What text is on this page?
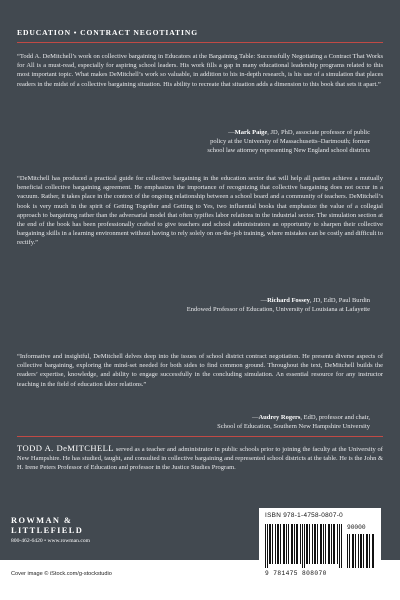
EDUCATION • CONTRACT NEGOTIATING
“Todd A. DeMitchell’s work on collective bargaining in Educators at the Bargaining Table: Successfully Negotiating a Contract That Works for All is a must-read, especially for aspiring school leaders. His work fills a gap in many educational leadership programs related to this most important topic. What makes DeMitchell’s work so valuable, in addition to his in-depth research, is his use of a simulation that places readers in the midst of a collective bargaining situation. His ability to recreate that situation adds a dimension to this book that sets it apart.”
—Mark Paige, JD, PhD, associate professor of public
policy at the University of Massachusetts–Dartmouth; former
school law attorney representing New England school districts
“DeMitchell has produced a practical guide for collective bargaining in the education sector that will help all parties achieve a mutually beneficial collective bargaining agreement. He emphasizes the importance of recognizing that collective bargaining does not occur in a vacuum. Rather, it takes place in the context of the ongoing relationship between a school board and a community of teachers. DeMitchell’s book is very much in the spirit of Getting Together and Getting to Yes, two influential books that emphasize the value of a collegial approach to bargaining rather than the adversarial model that often typifies labor relations in the industrial sector. The simulation section at the end of the book has been professionally crafted to give teachers and school administrators an opportunity to sharpen their collective bargaining skills in a learning environment without having to rely solely on on-the-job training, where mistakes can be costly and difficult to rectify.”
—Richard Fossey, JD, EdD, Paul Burdin
Endowed Professor of Education, University of Louisiana at Lafayette
“Informative and insightful, DeMitchell delves deep into the issues of school district contract negotiation. He presents diverse aspects of collective bargaining, exploring the mind-set needed for both sides to find common ground. Throughout the text, DeMitchell builds the readers’ expertise, knowledge, and ability to engage successfully in the concluding simulation. An essential resource for any instructor teaching in the field of education labor relations.”
—Audrey Rogers, EdD, professor and chair,
School of Education, Southern New Hampshire University
TODD A. DeMITCHELL served as a teacher and administrator in public schools prior to joining the faculty at the University of New Hampshire. He has studied, taught, and consulted in collective bargaining and represented school districts at the table. He is the John & H. Irene Peters Professor of Education and professor in the Justice Studies Program.
ROWMAN &
LITTLEFIELD
800-462-6420 • www.rowman.com
Cover image © iStock.com/g-stockstudio
ISBN 978-1-4758-0807-0
90000
9 781475 808070
